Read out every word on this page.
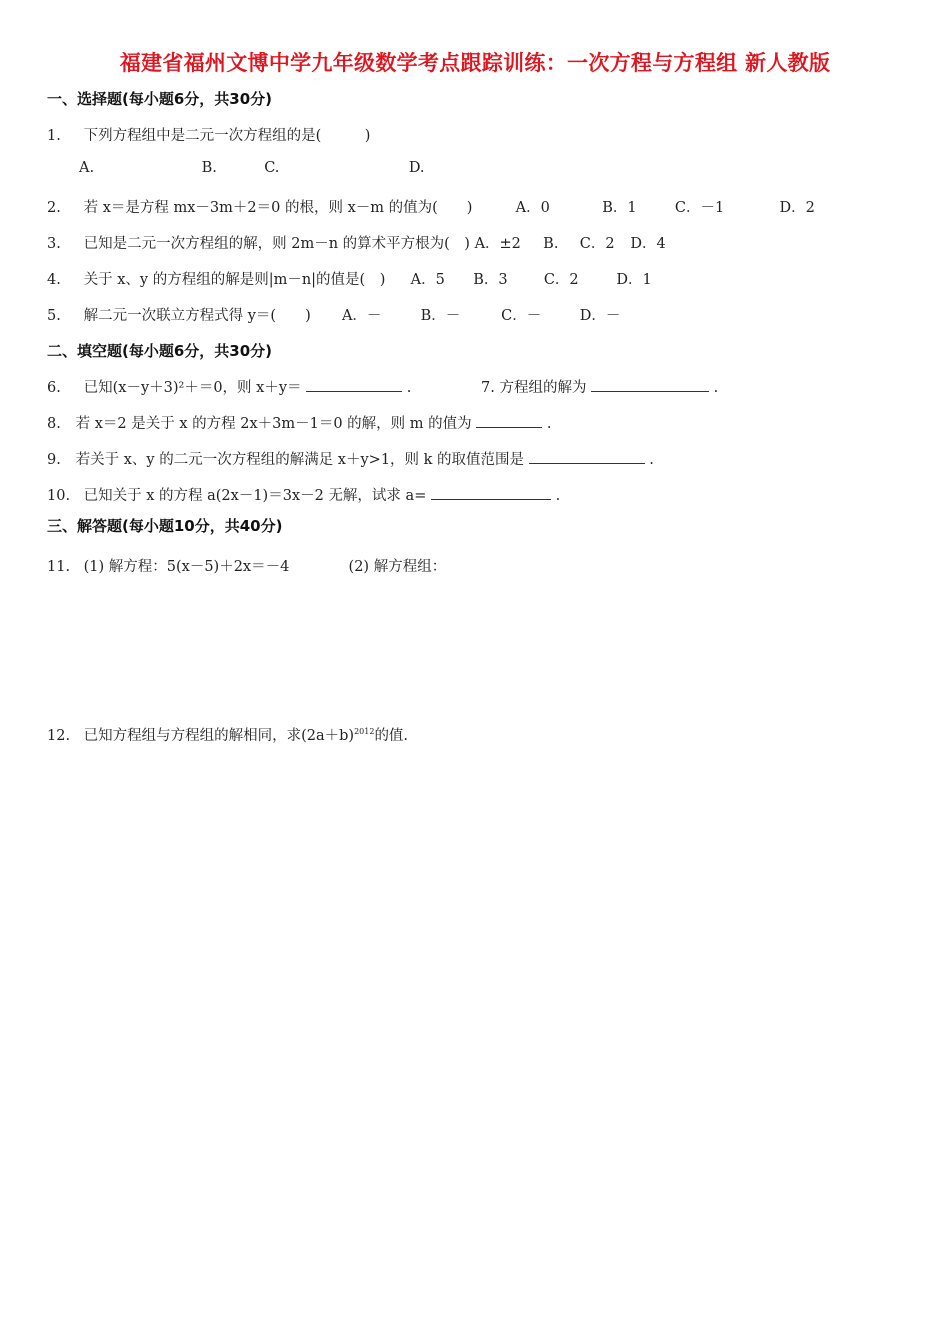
福建省福州文博中学九年级数学考点跟踪训练：一次方程与方程组 新人教版
一、选择题(每小题6分，共30分)
1. 下列方程组中是二元一次方程组的是(　　　)
A.	B.	C.	D.
2. 若 x＝是方程 mx－3m＋2＝0 的根，则 x－m 的值为(　　)	A．0	B．1	C．－1	D．2
3. 已知是二元一次方程组的解，则 2m－n 的算术平方根为(　) A．±2 B. C．2 D．4
4. 关于 x、y 的方程组的解是则|m－n|的值是(　) A．5 B．3 C．2	D．1
5. 解二元一次联立方程式得 y＝(　　) A．－	B．－	C．－	D．－
二、填空题(每小题6分，共30分)
6. 已知(x－y＋3)²＋＝0，则 x＋y＝	.	7. 方程组的解为	.
8. 若 x＝2 是关于 x 的方程 2x＋3m－1＝0 的解，则 m 的值为	.
9. 若关于 x、y 的二元一次方程组的解满足 x＋y>1，则 k 的取值范围是	.
10. 已知关于 x 的方程 a(2x－1)＝3x－2 无解，试求 a=	.
三、解答题(每小题10分，共40分)
11. (1) 解方程：5(x－5)＋2x＝－4	(2) 解方程组：
12. 已知方程组与方程组的解相同，求$(2a+b)^{2012}$的值.
